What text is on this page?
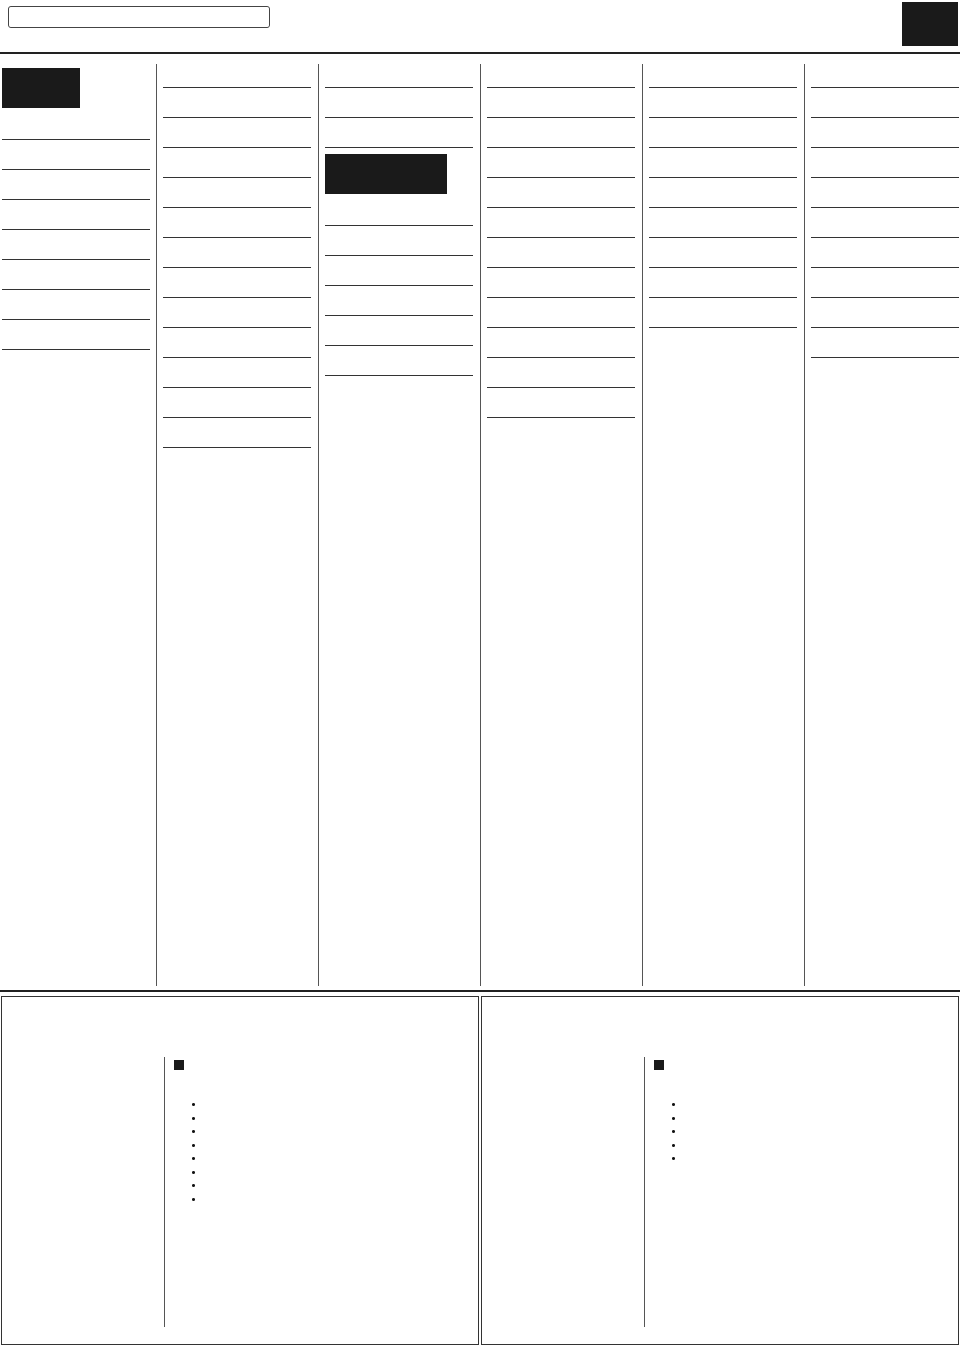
•
•
•
•
•
•
•
•

•
•
•
•
•
